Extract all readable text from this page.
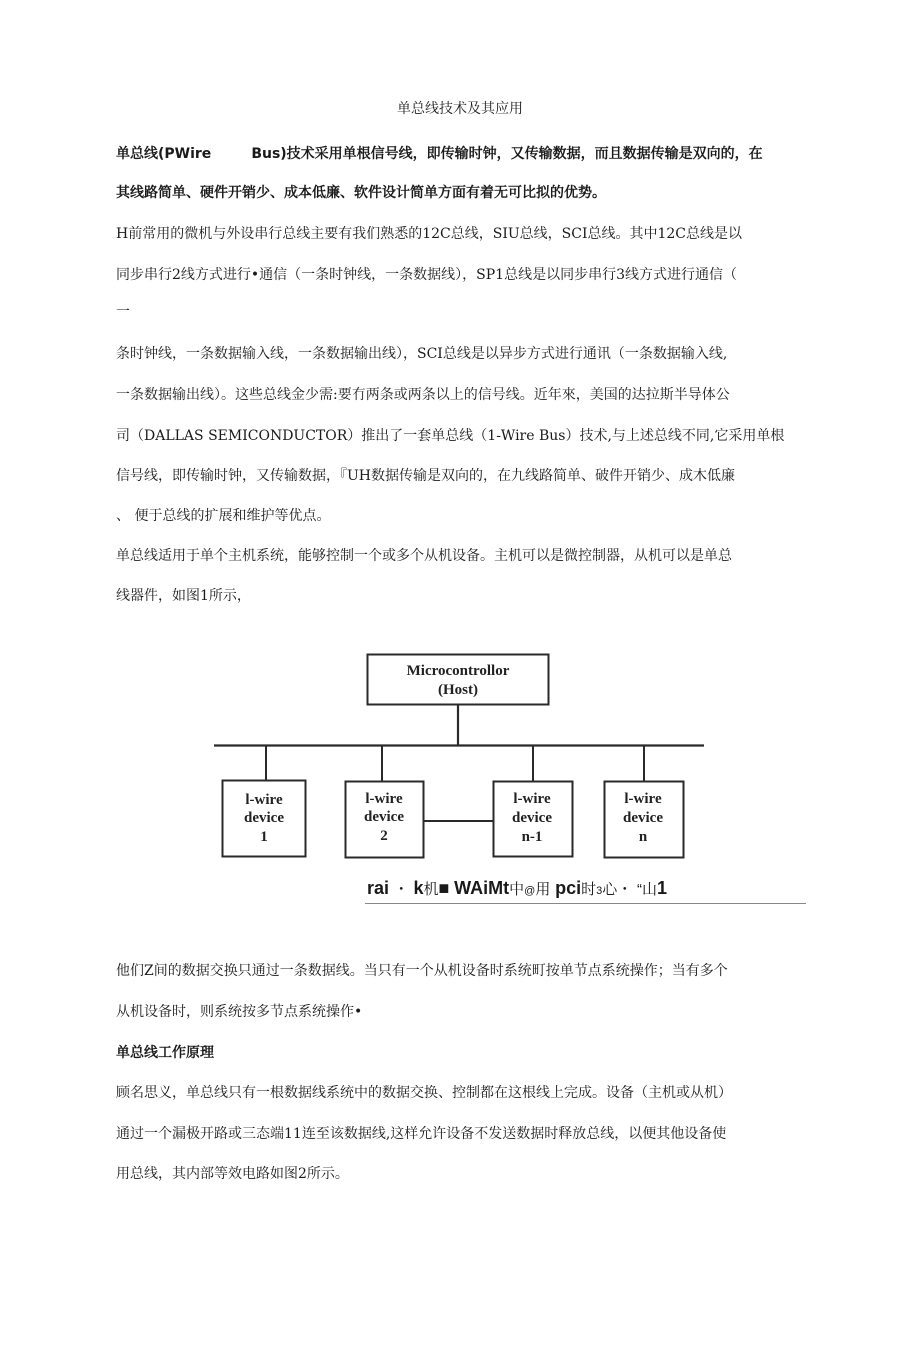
单总线技术及其应用
单总线(PWire	Bus)技术采用单根信号线，即传输时钟，又传输数据，而且数据传输是双向的，在
其线路简单、硬件开销少、成本低廉、软件设计简单方面有着无可比拟的优势。
H前常用的微机与外设串行总线主要有我们熟悉的12C总线，SIU总线，SCI总线。其中12C总线是以
同步串行2线方式进行•通信（一条时钟线，一条数据线），SP1总线是以同步串行3线方式进行通信（
一
条时钟线，一条数据输入线，一条数据输出线），SCI总线是以异步方式进行通讯（一条数据输入线,
一条数据输出线）。这些总线金少需:要冇两条或两条以上的信号线。近年來，美国的达拉斯半导体公
司（DALLAS SEMICONDUCTOR）推出了一套单总线（1-Wire Bus）技术,与上述总线不同,它采用单根
信号线，即传输时钟，又传输数据，『UH数据传输是双向的，在九线路简单、破件开销少、成木低廉
、 便于总线的扩展和维护等优点。
单总线适用于单个主机系统，能够控制一个或多个从机设备。主机可以是微控制器，从机可以是单总
线器件，如图1所示，
Microcontrollor
(Host)
l-wire
device
1
l-wire
device
2
l-wire
device
n-1
l-wire
device
n
rai ・ k机■ WAiMt中@用 pci时3心・ “山1
他们Z间的数据交换只通过一条数据线。当只有一个从机设备时系统町按单节点系统操作；当有多个
从机设备时，则系统按多节点系统操作•
单总线工作原理
顾名思义，单总线只有一根数据线系统中的数据交换、控制都在这根线上完成。设备（主机或从机）
通过一个漏极开路或三态端11连至该数据线,这样允许设备不发送数据时释放总线，以便其他设备使
用总线，其内部等效电路如图2所示。
